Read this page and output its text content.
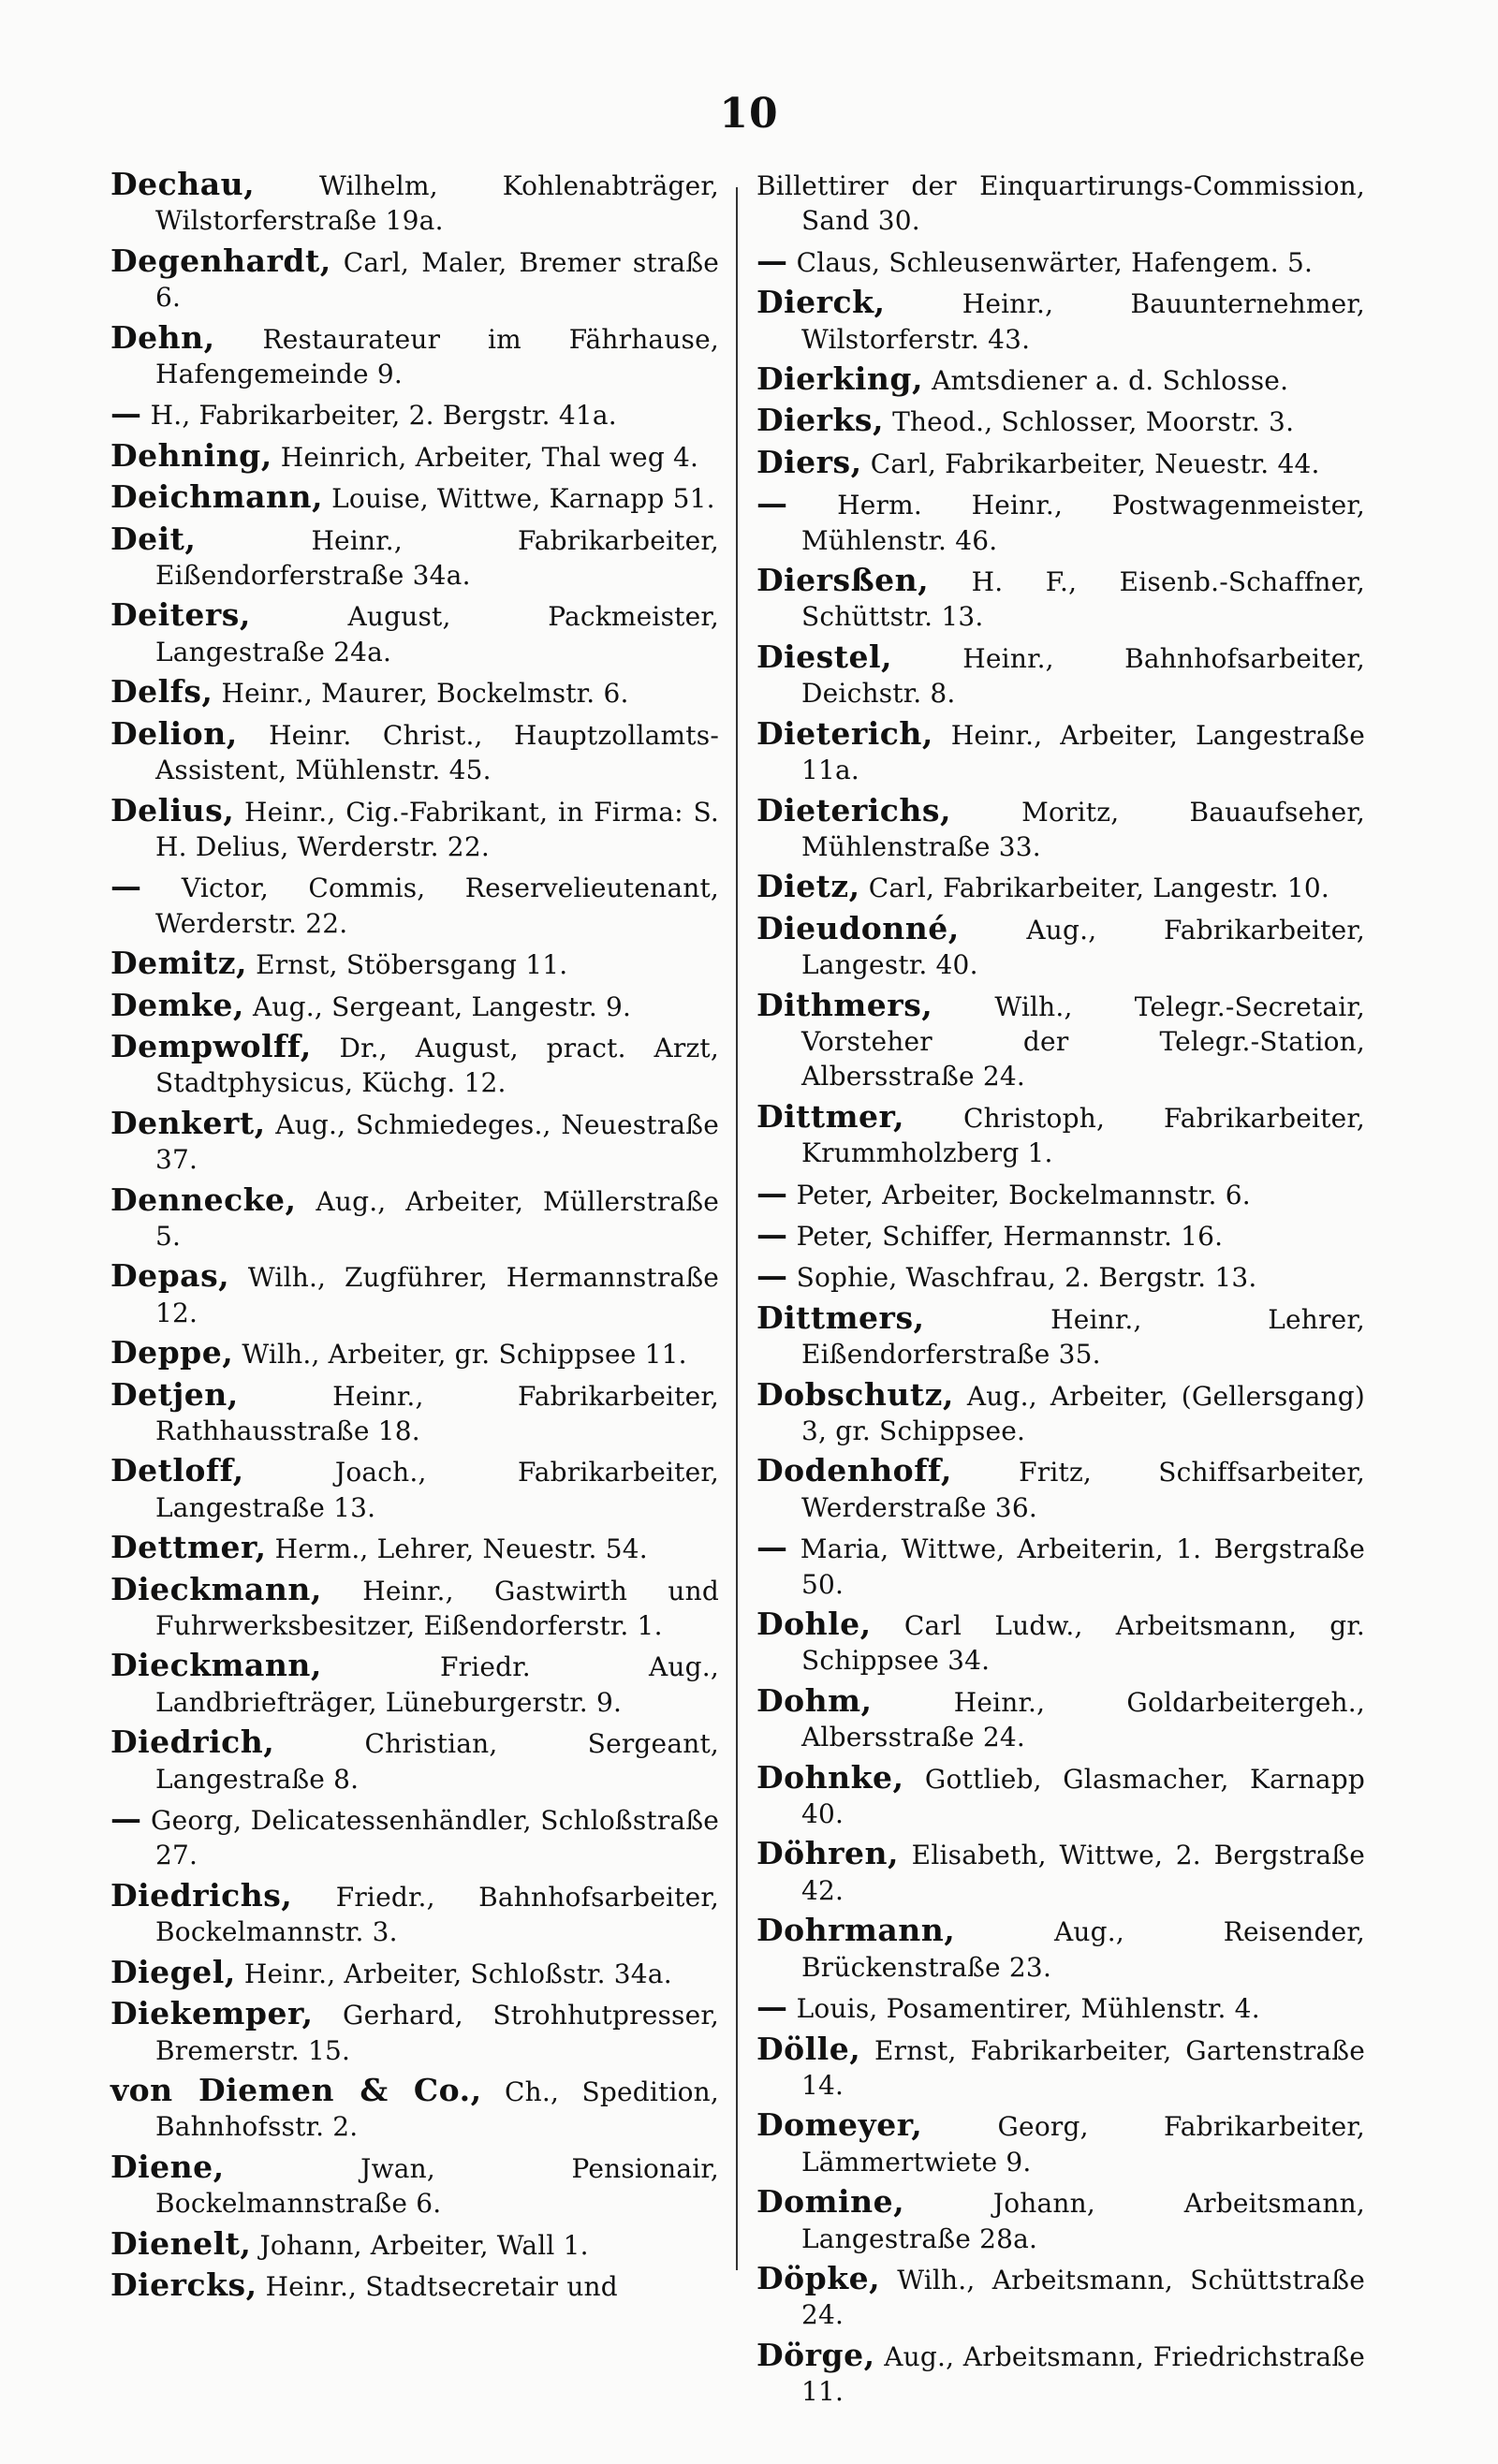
10
Dechau, Wilhelm, Kohlenabträger, Wilstorferstraße 19a.
Degenhardt, Carl, Maler, Bremer straße 6.
Dehn, Restaurateur im Fährhause, Hafengemeinde 9.
— H., Fabrikarbeiter, 2. Bergstr. 41a.
Dehning, Heinrich, Arbeiter, Thal weg 4.
Deichmann, Louise, Wittwe, Karnapp 51.
Deit, Heinr., Fabrikarbeiter, Eißendorferstraße 34a.
Deiters, August, Packmeister, Langestraße 24a.
Delfs, Heinr., Maurer, Bockelmstr. 6.
Delion, Heinr. Christ., Hauptzollamts-Assistent, Mühlenstr. 45.
Delius, Heinr., Cig.-Fabrikant, in Firma: S. H. Delius, Werderstr. 22.
— Victor, Commis, Reservelieutenant, Werderstr. 22.
Demitz, Ernst, Stöbersgang 11.
Demke, Aug., Sergeant, Langestr. 9.
Dempwolff, Dr., August, pract. Arzt, Stadtphysicus, Küchg. 12.
Denkert, Aug., Schmiedeges., Neuestraße 37.
Dennecke, Aug., Arbeiter, Müllerstraße 5.
Depas, Wilh., Zugführer, Hermannstraße 12.
Deppe, Wilh., Arbeiter, gr. Schippsee 11.
Detjen, Heinr., Fabrikarbeiter, Rathhausstraße 18.
Detloff, Joach., Fabrikarbeiter, Langestraße 13.
Dettmer, Herm., Lehrer, Neuestr. 54.
Dieckmann, Heinr., Gastwirth und Fuhrwerksbesitzer, Eißendorferstr. 1.
Dieckmann, Friedr. Aug., Landbriefträger, Lüneburgerstr. 9.
Diedrich, Christian, Sergeant, Langestraße 8.
— Georg, Delicatessenhändler, Schloßstraße 27.
Diedrichs, Friedr., Bahnhofsarbeiter, Bockelmannstr. 3.
Diegel, Heinr., Arbeiter, Schloßstr. 34a.
Diekemper, Gerhard, Strohhutpresser, Bremerstr. 15.
von Diemen & Co., Ch., Spedition, Bahnhofsstr. 2.
Diene, Jwan, Pensionair, Bockelmannstraße 6.
Dienelt, Johann, Arbeiter, Wall 1.
Diercks, Heinr., Stadtsecretair und
Billettirer der Einquartirungs-Commission, Sand 30.
— Claus, Schleusenwärter, Hafengem. 5.
Dierck, Heinr., Bauunternehmer, Wilstorferstr. 43.
Dierking, Amtsdiener a. d. Schlosse.
Dierks, Theod., Schlosser, Moorstr. 3.
Diers, Carl, Fabrikarbeiter, Neuestr. 44.
— Herm. Heinr., Postwagenmeister, Mühlenstr. 46.
Diersßen, H. F., Eisenb.-Schaffner, Schüttstr. 13.
Diestel, Heinr., Bahnhofsarbeiter, Deichstr. 8.
Dieterich, Heinr., Arbeiter, Langestraße 11a.
Dieterichs, Moritz, Bauaufseher, Mühlenstraße 33.
Dietz, Carl, Fabrikarbeiter, Langestr. 10.
Dieudonné, Aug., Fabrikarbeiter, Langestr. 40.
Dithmers, Wilh., Telegr.-Secretair, Vorsteher der Telegr.-Station, Albersstraße 24.
Dittmer, Christoph, Fabrikarbeiter, Krummholzberg 1.
— Peter, Arbeiter, Bockelmannstr. 6.
— Peter, Schiffer, Hermannstr. 16.
— Sophie, Waschfrau, 2. Bergstr. 13.
Dittmers, Heinr., Lehrer, Eißendorferstraße 35.
Dobschutz, Aug., Arbeiter, (Gellersgang) 3, gr. Schippsee.
Dodenhoff, Fritz, Schiffsarbeiter, Werderstraße 36.
— Maria, Wittwe, Arbeiterin, 1. Bergstraße 50.
Dohle, Carl Ludw., Arbeitsmann, gr. Schippsee 34.
Dohm, Heinr., Goldarbeitergeh., Albersstraße 24.
Dohnke, Gottlieb, Glasmacher, Karnapp 40.
Döhren, Elisabeth, Wittwe, 2. Bergstraße 42.
Dohrmann, Aug., Reisender, Brückenstraße 23.
— Louis, Posamentirer, Mühlenstr. 4.
Dölle, Ernst, Fabrikarbeiter, Gartenstraße 14.
Domeyer, Georg, Fabrikarbeiter, Lämmertwiete 9.
Domine, Johann, Arbeitsmann, Langestraße 28a.
Döpke, Wilh., Arbeitsmann, Schüttstraße 24.
Dörge, Aug., Arbeitsmann, Friedrichstraße 11.
